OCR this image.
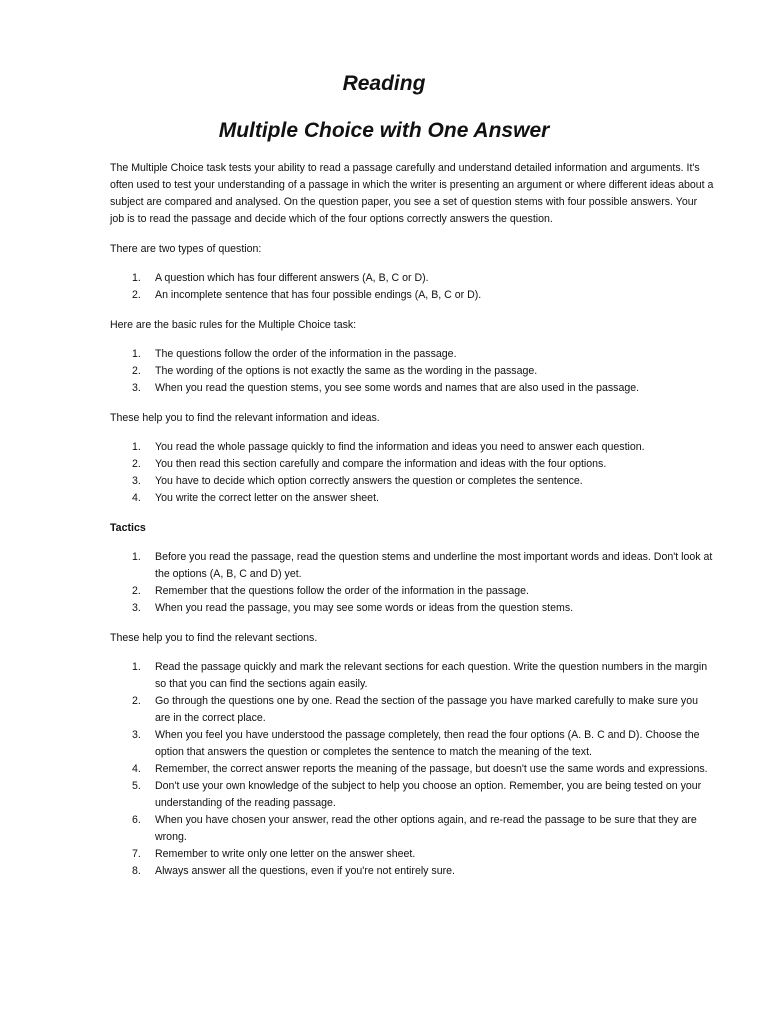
Reading
Multiple Choice with One Answer

The Multiple Choice task tests your ability to read a passage carefully and understand detailed information and arguments. It's often used to test your understanding of a passage in which the writer is presenting an argument or where different ideas about a subject are compared and analysed. On the question paper, you see a set of question stems with four possible answers. Your job is to read the passage and decide which of the four options correctly answers the question.

There are two types of question:

1. A question which has four different answers (A, B, C or D).
2. An incomplete sentence that has four possible endings (A, B, C or D).

Here are the basic rules for the Multiple Choice task:

1. The questions follow the order of the information in the passage.
2. The wording of the options is not exactly the same as the wording in the passage.
3. When you read the question stems, you see some words and names that are also used in the passage.

These help you to find the relevant information and ideas.

1. You read the whole passage quickly to find the information and ideas you need to answer each question.
2. You then read this section carefully and compare the information and ideas with the four options.
3. You have to decide which option correctly answers the question or completes the sentence.
4. You write the correct letter on the answer sheet.

Tactics

1. Before you read the passage, read the question stems and underline the most important words and ideas. Don't look at the options (A, B, C and D) yet.
2. Remember that the questions follow the order of the information in the passage.
3. When you read the passage, you may see some words or ideas from the question stems.

These help you to find the relevant sections.

1. Read the passage quickly and mark the relevant sections for each question. Write the question numbers in the margin so that you can find the sections again easily.
2. Go through the questions one by one. Read the section of the passage you have marked carefully to make sure you are in the correct place.
3. When you feel you have understood the passage completely, then read the four options (A. B. C and D). Choose the option that answers the question or completes the sentence to match the meaning of the text.
4. Remember, the correct answer reports the meaning of the passage, but doesn't use the same words and expressions.
5. Don't use your own knowledge of the subject to help you choose an option. Remember, you are being tested on your understanding of the reading passage.
6. When you have chosen your answer, read the other options again, and re-read the passage to be sure that they are wrong.
7. Remember to write only one letter on the answer sheet.
8. Always answer all the questions, even if you're not entirely sure.
